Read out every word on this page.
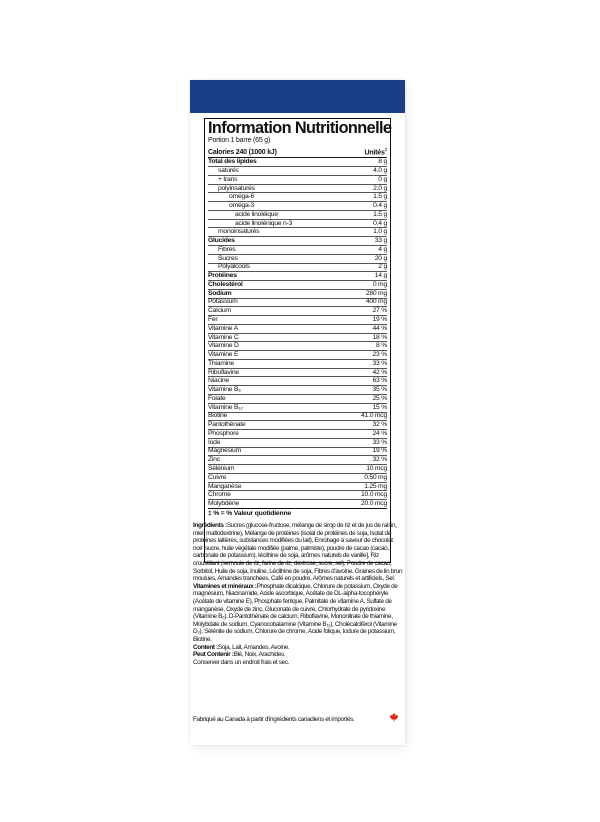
Information Nutritionnelle
Portion 1 barre (65 g)
Calories 240 (1000 kJ)	Unités‡
Total des lipides	8 g
saturés	4.0 g
+ trans	0 g
polyinsaturés	2.0 g
oméga-6	1.5 g
oméga-3	0.4 g
acide linoléique	1.5 g
acide linolénique n-3	0.4 g
monoinsaturés	1.0 g
Glucides	33 g
Fibres	4 g
Sucres	20 g
Polyalcools	2 g
Protéines	14 g
Cholestérol	0 mg
Sodium	280 mg
Potassium	400 mg
Calcium	27 %
Fer	19 %
Vitamine A	44 %
Vitamine C	18 %
Vitamine D	8 %
Vitamine E	23 %
Thiamine	33 %
Riboflavine	42 %
Niacine	63 %
Vitamine B₆	35 %
Folate	25 %
Vitamine B₁₂	15 %
Biotine	41.0 mcg
Pantothénate	32 %
Phosphore	24 %
Iode	33 %
Magnésium	19 %
Zinc	32 %
Sélénium	10 mcg
Cuivre	0.50 mg
Manganèse	1.25 mg
Chrome	10.0 mcg
Molybdène	20.0 mcg
‡ % = % Valeur quotidienne

Ingrédients :Sucres (glucose-fructose, mélange de sirop de riz et de jus de raisin, miel, maltodextrine), Mélange de protéines (isolat de protéines de soja, Isolat de protéines laitières, substances modifiées du lait), Enrobage à saveur de chocolat noir [sucre, huile végétale modifiée (palme, palmiste), poudre de cacao (cacao, carbonate de potassium), lécithine de soja, arômes naturels de vanille], Riz croustillant (semoule de riz, farine de riz, dextrose, sucre, sel), Poudre de cacao, Sorbitol, Huile de soja, Inuline, Lécithine de soja, Fibres d'avoine, Graines de lin brun moulues, Amandes tranchées, Café en poudre, Arômes naturels et artificiels, Sel.

Vitamines et minéraux :Phosphate dicalcique, Chlorure de potassium, Oxyde de magnésium, Niacinamide, Acide ascorbique, Acétate de DL-alpha-tocophéryle (Acétate de vitamine E), Phosphate ferrique, Palmitate de vitamine A, Sulfate de manganèse, Oxyde de zinc, Gluconate de cuivre, Chlorhydrate de pyridoxine (Vitamine B₆), D-Pantothénate de calcium, Riboflavine, Mononitrate de thiamine, Molybdate de sodium, Cyanocobalamine (Vitamine B₁₂), Cholécalciférol (Vitamine D₃), Sélénite de sodium, Chlorure de chrome, Acide folique, Iodure de potassium, Biotine.

Content :Soja, Lait, Amandes, Avoine.

Peut Contenir :Blé, Noix, Arachides.

Conserver dans un endroit frais et sec.

Fabriqué au Canada à partir d'ingrédients canadiens et importés.
